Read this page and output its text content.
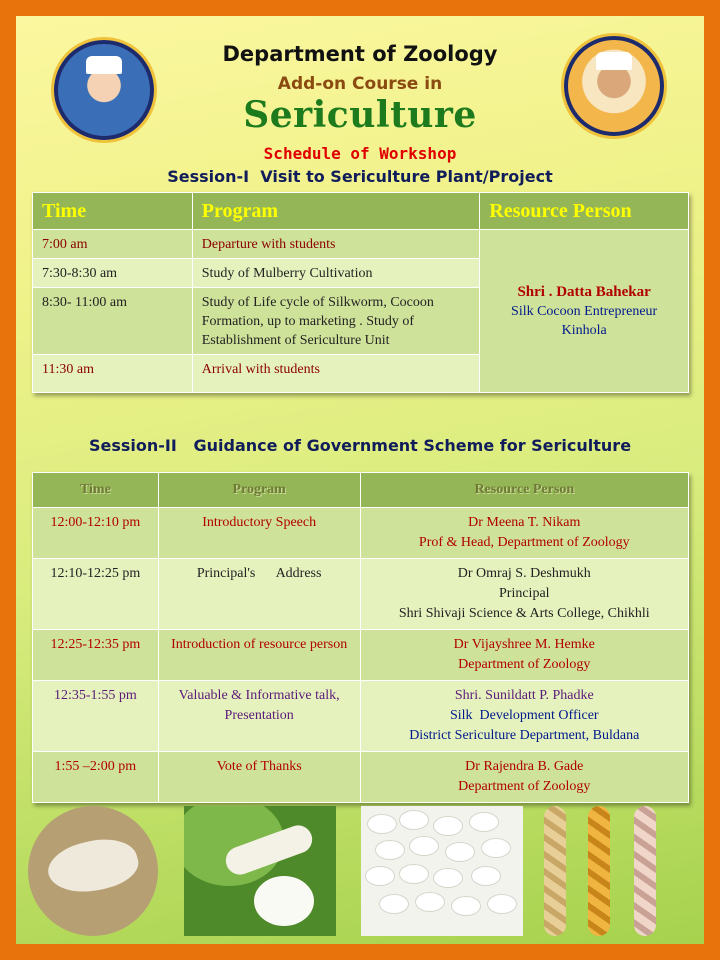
Department of Zoology
Add-on Course in
Sericulture
Schedule of Workshop
Session-I  Visit to Sericulture Plant/Project
Time	Program	Resource Person
7:00 am	Departure with students	Shri . Datta Bahekar
Silk Cocoon Entrepreneur
Kinhola

7:30-8:30 am	Study of Mulberry Cultivation	
8:30- 11:00 am	Study of Life cycle of Silkworm, Cocoon Formation, up to marketing . Study of Establishment of Sericulture Unit	
11:30 am	Arrival with students	
Session-II   Guidance of Government Scheme for Sericulture
Time	Program	Resource Person
12:00-12:10 pm	Introductory Speech	Dr Meena T. Nikam
Prof & Head, Department of Zoology

12:10-12:25 pm	Principal's      Address	Dr Omraj S. Deshmukh
Principal
Shri Shivaji Science & Arts College, Chikhli

12:25-12:35 pm	Introduction of resource person	Dr Vijayshree M. Hemke
Department of Zoology

12:35-1:55 pm	Valuable & Informative talk, Presentation	Shri. Sunildatt P. Phadke
Silk  Development Officer
District Sericulture Department, Buldana

1:55 –2:00 pm	Vote of Thanks	Dr Rajendra B. Gade
Department of Zoology
